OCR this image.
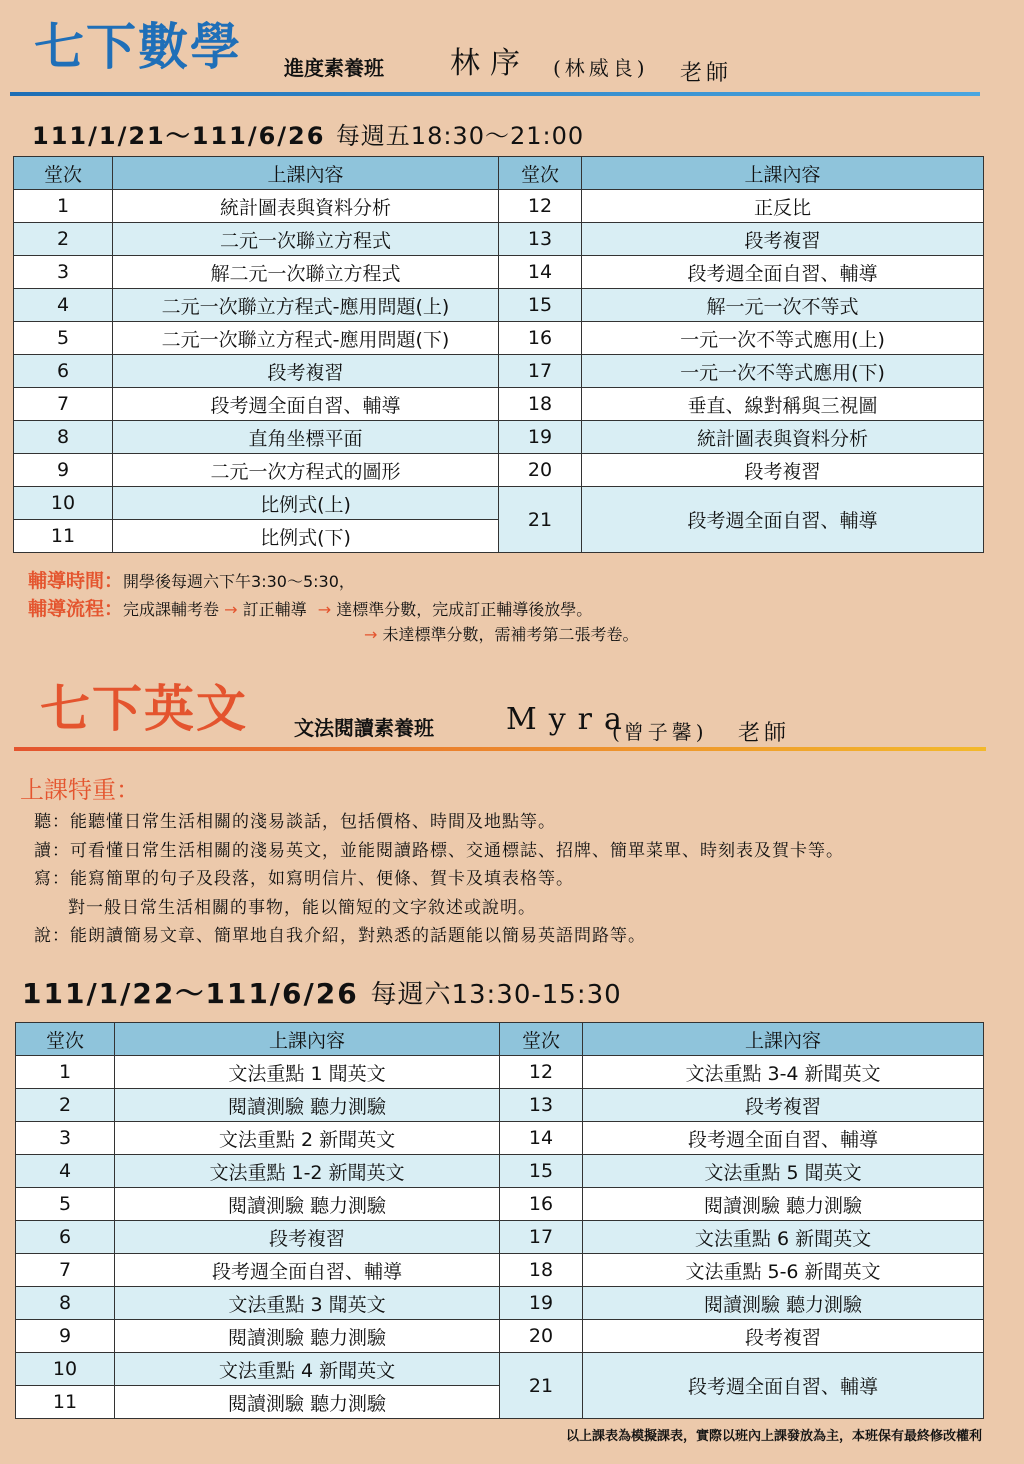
七下數學 進度素養班 林序 (林威良) 老師
111/1/21～111/6/26 每週五18:30～21:00
堂次	上課內容	堂次	上課內容
1	統計圖表與資料分析	12	正反比
2	二元一次聯立方程式	13	段考複習
3	解二元一次聯立方程式	14	段考週全面自習、輔導
4	二元一次聯立方程式-應用問題(上)	15	解一元一次不等式
5	二元一次聯立方程式-應用問題(下)	16	一元一次不等式應用(上)
6	段考複習	17	一元一次不等式應用(下)
7	段考週全面自習、輔導	18	垂直、線對稱與三視圖
8	直角坐標平面	19	統計圖表與資料分析
9	二元一次方程式的圖形	20	段考複習
10	比例式(上)	21	段考週全面自習、輔導
11	比例式(下)		
輔導時間：開學後每週六下午3:30～5:30，
輔導流程：完成課輔考卷 → 訂正輔導 → 達標準分數，完成訂正輔導後放學。
→ 未達標準分數，需補考第二張考卷。
七下英文 文法閱讀素養班 Myra
(曾子馨) 老師
上課特重：

聽：能聽懂日常生活相關的淺易談話，包括價格、時間及地點等。

讀：可看懂日常生活相關的淺易英文，並能閱讀路標、交通標誌、招牌、簡單菜單、時刻表及賀卡等。

寫：能寫簡單的句子及段落，如寫明信片、便條、賀卡及填表格等。

對一般日常生活相關的事物，能以簡短的文字敘述或說明。

說：能朗讀簡易文章、簡單地自我介紹，對熟悉的話題能以簡易英語問路等。

111/1/22～111/6/26 每週六13:30-15:30
堂次	上課內容	堂次	上課內容
1	文法重點 1 聞英文	12	文法重點 3-4 新聞英文
2	閱讀測驗 聽力測驗	13	段考複習
3	文法重點 2 新聞英文	14	段考週全面自習、輔導
4	文法重點 1-2 新聞英文	15	文法重點 5 聞英文
5	閱讀測驗 聽力測驗	16	閱讀測驗 聽力測驗
6	段考複習	17	文法重點 6 新聞英文
7	段考週全面自習、輔導	18	文法重點 5-6 新聞英文
8	文法重點 3 聞英文	19	閱讀測驗 聽力測驗
9	閱讀測驗 聽力測驗	20	段考複習
10	文法重點 4 新聞英文	21	段考週全面自習、輔導
11	閱讀測驗 聽力測驗		
以上課表為模擬課表，實際以班內上課發放為主，本班保有最終修改權利
